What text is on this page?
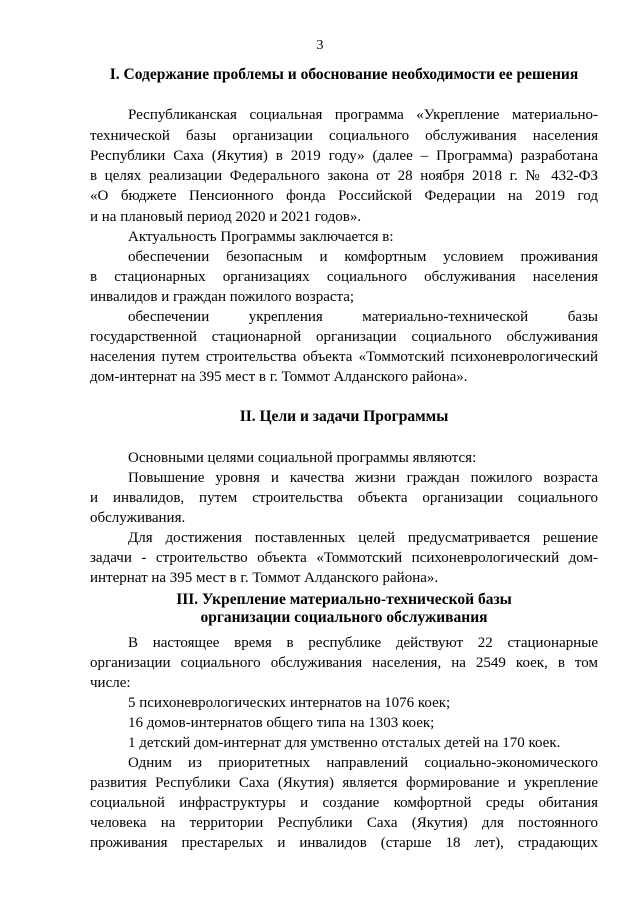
3
I. Содержание проблемы и обоснование необходимости ее решения
Республиканская социальная программа «Укрепление материально-
технической базы организации социального обслуживания населения
Республики Саха (Якутия) в 2019 году» (далее – Программа) разработана
в целях реализации Федерального закона от 28 ноября 2018 г. № 432-ФЗ
«О бюджете Пенсионного фонда Российской Федерации на 2019 год
и на плановый период 2020 и 2021 годов».
Актуальность Программы заключается в:
обеспечении безопасным и комфортным условием проживания
в стационарных организациях социального обслуживания населения
инвалидов и граждан пожилого возраста;
обеспечении укрепления материально-технической базы
государственной стационарной организации социального обслуживания
населения путем строительства объекта «Томмотский психоневрологический
дом-интернат на 395 мест в г. Томмот Алданского района».
II. Цели и задачи Программы
Основными целями социальной программы являются:
Повышение уровня и качества жизни граждан пожилого возраста
и инвалидов, путем строительства объекта организации социального
обслуживания.
Для достижения поставленных целей предусматривается решение
задачи - строительство объекта «Томмотский психоневрологический дом-
интернат на 395 мест в г. Томмот Алданского района».
III. Укрепление материально-технической базы
организации социального обслуживания
В настоящее время в республике действуют 22 стационарные
организации социального обслуживания населения, на 2549 коек, в том
числе:
5 психоневрологических интернатов на 1076 коек;
16 домов-интернатов общего типа на 1303 коек;
1 детский дом-интернат для умственно отсталых детей на 170 коек.
Одним из приоритетных направлений социально-экономического
развития Республики Саха (Якутия) является формирование и укрепление
социальной инфраструктуры и создание комфортной среды обитания
человека на территории Республики Саха (Якутия) для постоянного
проживания престарелых и инвалидов (старше 18 лет), страдающих
